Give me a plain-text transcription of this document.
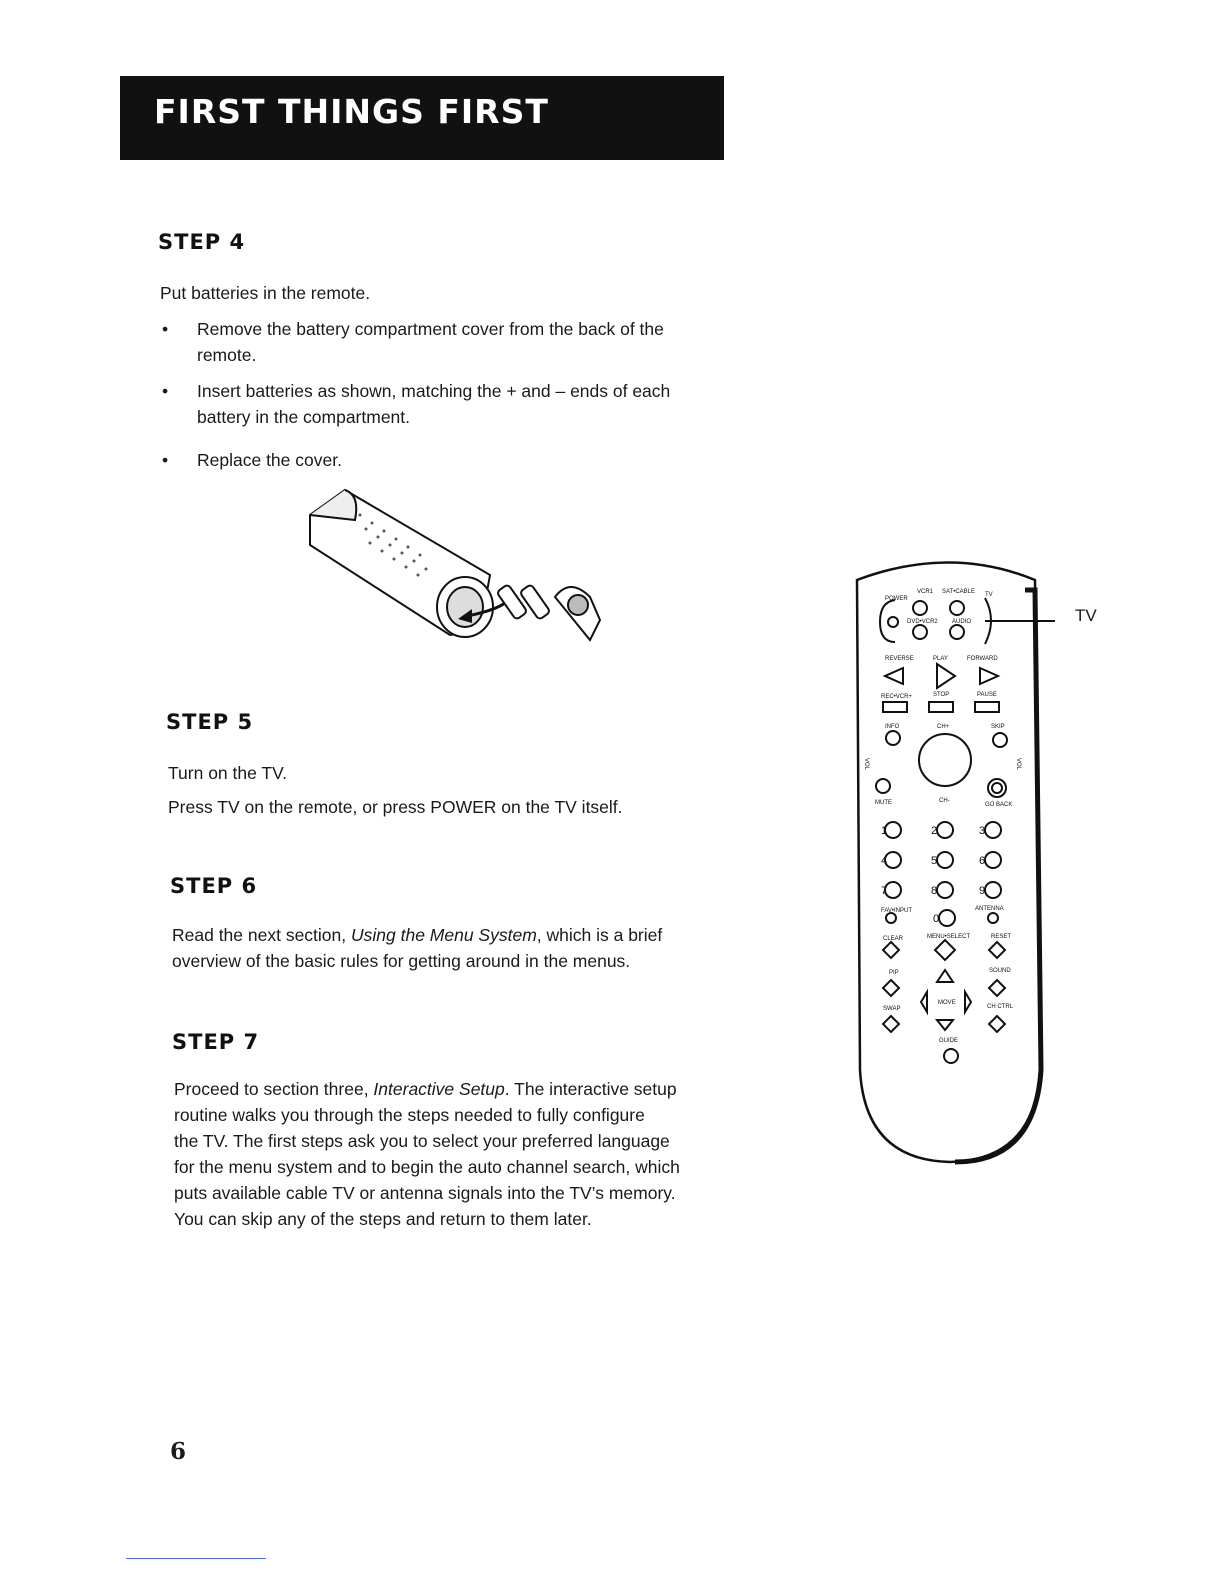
FIRST THINGS FIRST
STEP 4
Put batteries in the remote.
• Remove the battery compartment cover from the back of the
remote.
• Insert batteries as shown, matching the + and – ends of each
battery in the compartment.
• Replace the cover.
STEP 5
Turn on the TV.
Press TV on the remote, or press POWER on the TV itself.
STEP 6
Read the next section, Using the Menu System, which is a brief
overview of the basic rules for getting around in the menus.
STEP 7
Proceed to section three, Interactive Setup. The interactive setup
routine walks you through the steps needed to fully configure
the TV. The first steps ask you to select your preferred language
for the menu system and to begin the auto channel search, which
puts available cable TV or antenna signals into the TV’s memory.
You can skip any of the steps and return to them later.
POWER
VCR1 SAT•CABLE TV
DVD•VCR2 AUDIO
REVERSE	PLAY	FORWARD
REC•VCR+	STOP	PAUSE
INFO	CH+	SKIP
MUTE	CH-
GO BACK
FAV•INPUT	ANTENNA
CLEAR	MENU•SELECT	RESET
PIP	SOUND
SWAP
MOVE
CH CTRL
GUIDE
VOL	VOL
1	2	3
4	5	6
7	8	9
0
TV
6
